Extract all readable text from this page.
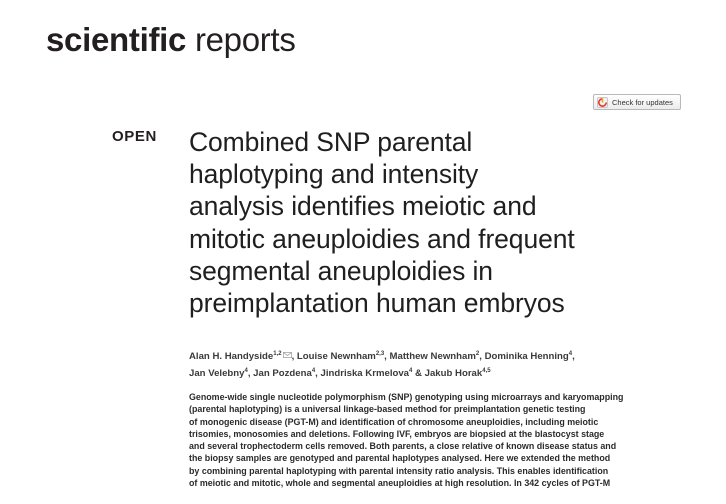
scientific reports
Check for updates
OPEN Combined SNP parental
haplotyping and intensity
analysis identifies meiotic and
mitotic aneuploidies and frequent
segmental aneuploidies in
preimplantation human embryos

Alan H. Handyside$^{1,2}$ , Louise Newnham$^{2,3}$, Matthew Newnham$^2$, Dominika Henning$^4$,
Jan Velebny$^4$, Jan Pozdena$^4$, Jindriska Krmelova$^4$ & Jakub Horak$^{4,5}$

Genome-wide single nucleotide polymorphism (SNP) genotyping using microarrays and karyomapping
(parental haplotyping) is a universal linkage-based method for preimplantation genetic testing
of monogenic disease (PGT-M) and identification of chromosome aneuploidies, including meiotic
trisomies, monosomies and deletions. Following IVF, embryos are biopsied at the blastocyst stage
and several trophectoderm cells removed. Both parents, a close relative of known disease status and
the biopsy samples are genotyped and parental haplotypes analysed. Here we extended the method
by combining parental haplotyping with parental intensity ratio analysis. This enables identification
of meiotic and mitotic, whole and segmental aneuploidies at high resolution. In 342 cycles of PGT-M
